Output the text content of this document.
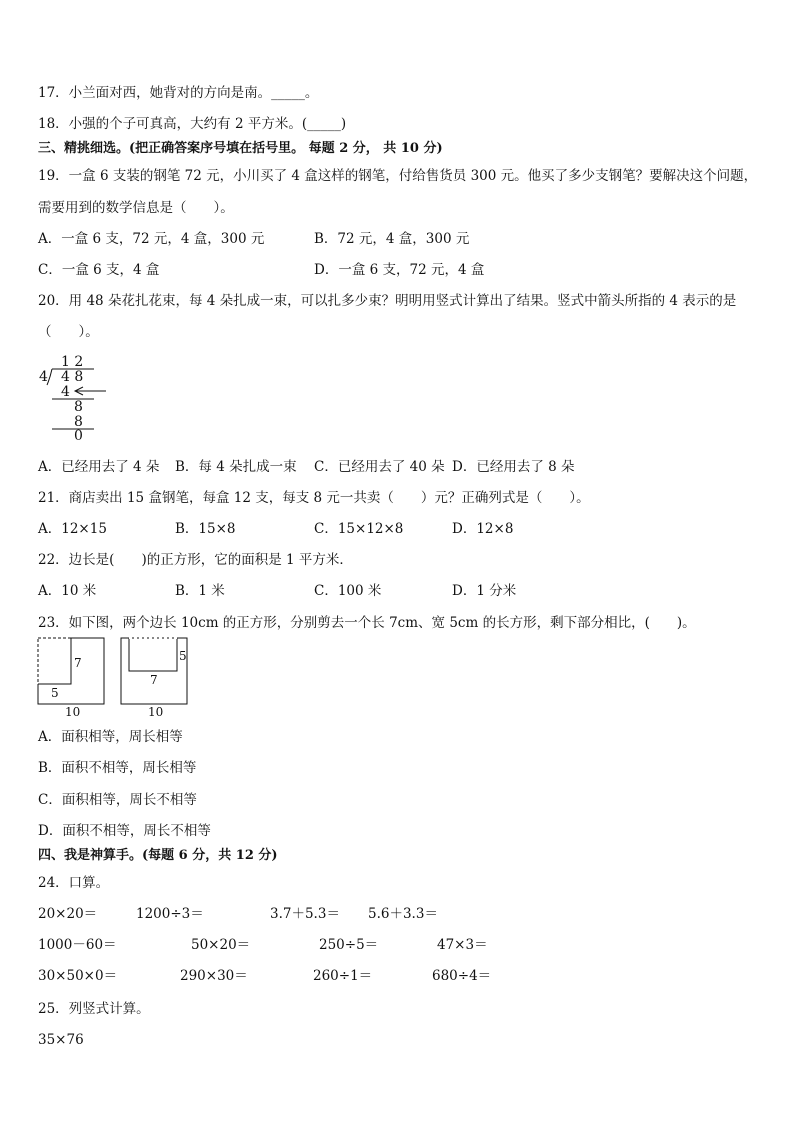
17．小兰面对西，她背对的方向是南。_____。
18．小强的个子可真高，大约有 2 平方米。(_____)
三、精挑细选。(把正确答案序号填在括号里。 每题 2 分， 共 10 分)
19．一盒 6 支装的钢笔 72 元，小川买了 4 盒这样的钢笔，付给售货员 300 元。他买了多少支钢笔？要解决这个问题，
需要用到的数学信息是（　　）。
A．一盒 6 支，72 元，4 盒，300 元	B．72 元，4 盒，300 元
C．一盒 6 支，4 盒	D．一盒 6 支，72 元，4 盒
20．用 48 朵花扎花束，每 4 朵扎成一束，可以扎多少束？明明用竖式计算出了结果。竖式中箭头所指的 4 表示的是
（　　）。
1 2
4 4 8
4
8
8
0
A．已经用去了 4 朵 B．每 4 朵扎成一束 C．已经用去了 40 朵 D．已经用去了 8 朵
21．商店卖出 15 盒钢笔，每盒 12 支，每支 8 元一共卖（　　）元？正确列式是（　　）。
A．12×15	B．15×8	C．15×12×8	D．12×8
22．边长是(　　)的正方形，它的面积是 1 平方米．
A．10 米	B．1 米	C．100 米	D．1 分米
23．如下图，两个边长 10cm 的正方形，分别剪去一个长 7cm、宽 5cm 的长方形，剩下部分相比，(　　)。
7
5
10
5
7
10
A．面积相等，周长相等
B．面积不相等，周长相等
C．面积相等，周长不相等
D．面积不相等，周长不相等
四、我是神算手。(每题 6 分，共 12 分)
24．口算。
20×20＝	1200÷3＝	3.7＋5.3＝ 5.6＋3.3＝
1000－60＝	50×20＝	250÷5＝	47×3＝
30×50×0＝	290×30＝	260÷1＝	680÷4＝
25．列竖式计算。
35×76
